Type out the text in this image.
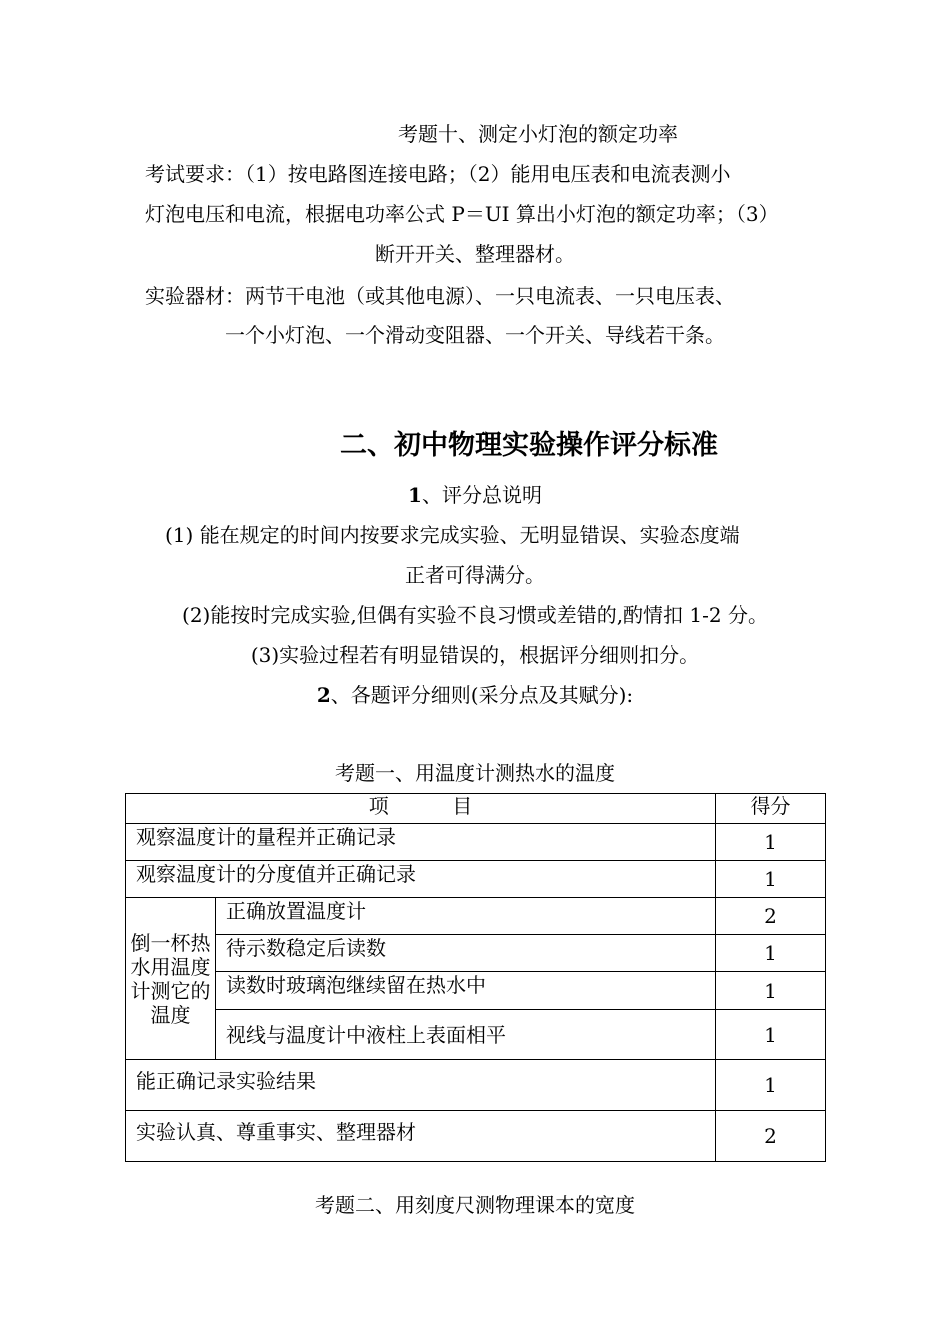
考题十、测定小灯泡的额定功率
考试要求：（1）按电路图连接电路；（2）能用电压表和电流表测小
灯泡电压和电流，根据电功率公式 P＝UI 算出小灯泡的额定功率；（3）
断开开关、整理器材。
实验器材：两节干电池（或其他电源）、一只电流表、一只电压表、
一个小灯泡、一个滑动变阻器、一个开关、导线若干条。
二、初中物理实验操作评分标准
1、评分总说明
(1) 能在规定的时间内按要求完成实验、无明显错误、实验态度端
正者可得满分。
(2)能按时完成实验,但偶有实验不良习惯或差错的,酌情扣 1-2 分。
(3)实验过程若有明显错误的，根据评分细则扣分。
2、各题评分细则(采分点及其赋分):
考题一、用温度计测热水的温度
项          目		得分
观察温度计的量程并正确记录		1
观察温度计的分度值并正确记录		1
倒一杯热水用温度计测它的温度	正确放置温度计	2
	待示数稳定后读数	1
	读数时玻璃泡继续留在热水中	1
	视线与温度计中液柱上表面相平	1
能正确记录实验结果		1
实验认真、尊重事实、整理器材		2
考题二、用刻度尺测物理课本的宽度
